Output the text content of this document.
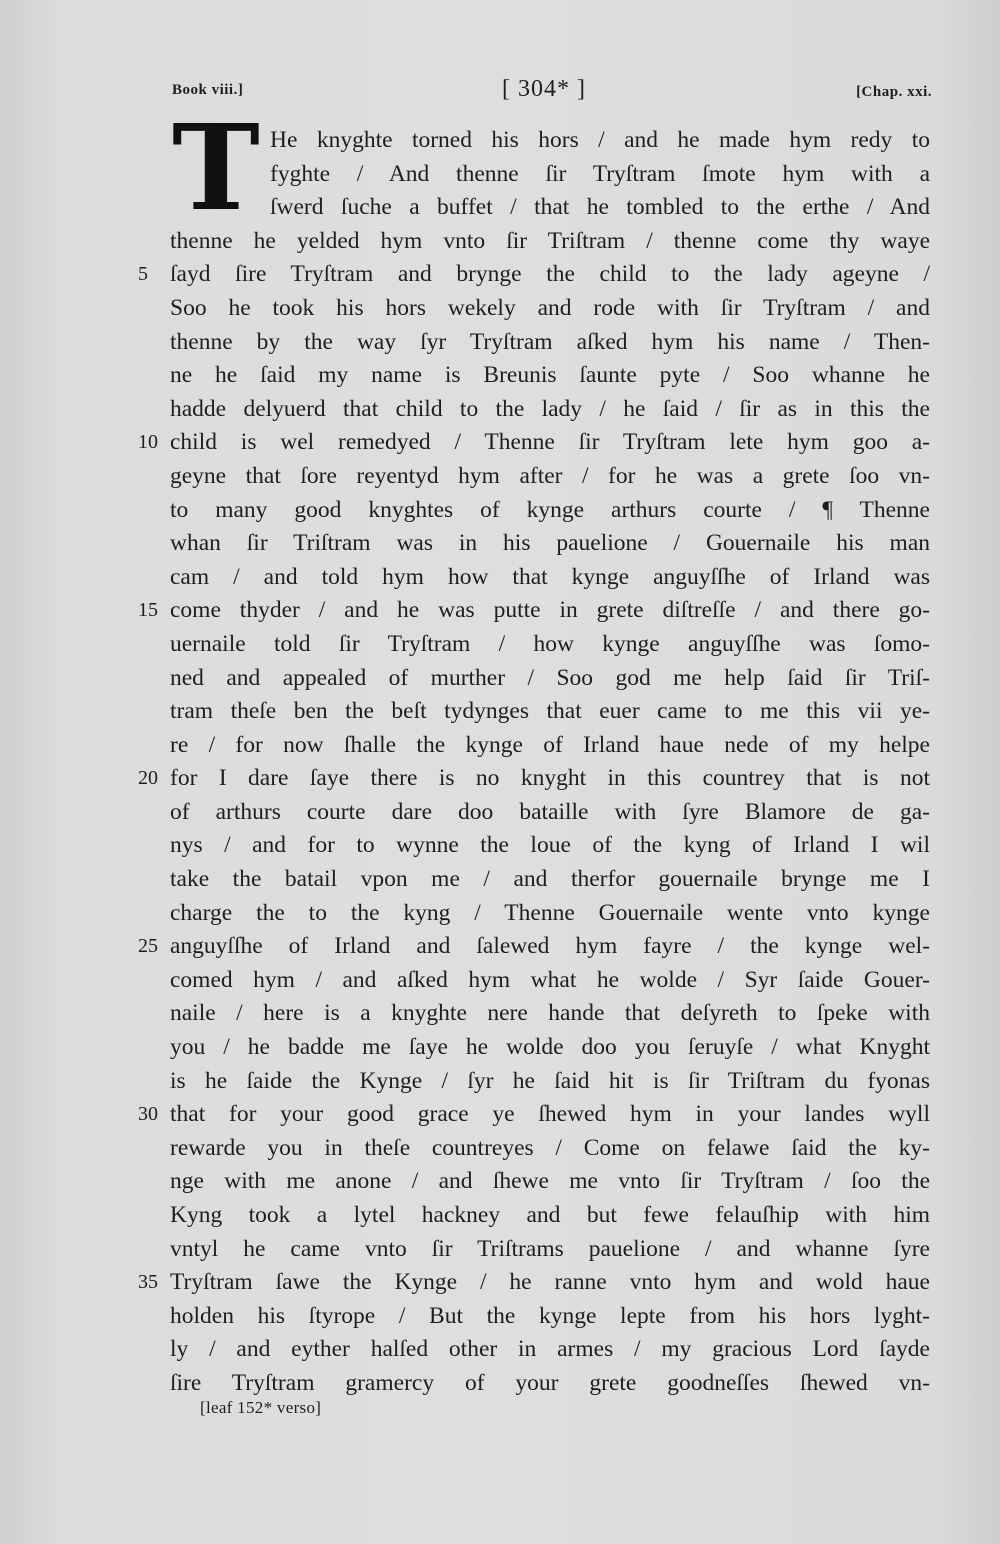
Book viii.]	[ 304* ]	[Chap. xxi.
T He knyghte torned his hors / and he made hym redy to
fyghte / And thenne ſir Tryſtram ſmote hym with a
ſwerd ſuche a buffet / that he tombled to the erthe / And
thenne he yelded hym vnto ſir Triſtram / thenne come thy waye
ſayd ſire Tryſtram and brynge the child to the lady ageyne /
5
Soo he took his hors wekely and rode with ſir Tryſtram / and
thenne by the way ſyr Tryſtram aſked hym his name / Then-
ne he ſaid my name is Breunis ſaunte pyte / Soo whanne he
hadde delyuerd that child to the lady / he ſaid / ſir as in this the
child is wel remedyed / Thenne ſir Tryſtram lete hym goo a-
10
geyne that ſore reyentyd hym after / for he was a grete ſoo vn-
to many good knyghtes of kynge arthurs courte / ¶ Thenne
whan ſir Triſtram was in his pauelione / Gouernaile his man
cam / and told hym how that kynge anguyſſhe of Irland was
come thyder / and he was putte in grete diſtreſſe / and there go-
15
uernaile told ſir Tryſtram / how kynge anguyſſhe was ſomo-
ned and appealed of murther / Soo god me help ſaid ſir Triſ-
tram theſe ben the beſt tydynges that euer came to me this vii ye-
re / for now ſhalle the kynge of Irland haue nede of my helpe
for I dare ſaye there is no knyght in this countrey that is not
20
of arthurs courte dare doo bataille with ſyre Blamore de ga-
nys / and for to wynne the loue of the kyng of Irland I wil
take the batail vpon me / and therfor gouernaile brynge me I
charge the to the kyng / Thenne Gouernaile wente vnto kynge
anguyſſhe of Irland and ſalewed hym fayre / the kynge wel-
25
comed hym / and aſked hym what he wolde / Syr ſaide Gouer-
naile / here is a knyghte nere hande that deſyreth to ſpeke with
you / he badde me ſaye he wolde doo you ſeruyſe / what Knyght
is he ſaide the Kynge / ſyr he ſaid hit is ſir Triſtram du fyonas
that for your good grace ye ſhewed hym in your landes wyll
30
rewarde you in theſe countreyes / Come on felawe ſaid the ky-
nge with me anone / and ſhewe me vnto ſir Tryſtram / ſoo the
Kyng took a lytel hackney and but fewe felauſhip with him
vntyl he came vnto ſir Triſtrams pauelione / and whanne ſyre
Tryſtram ſawe the Kynge / he ranne vnto hym and wold haue
35
holden his ſtyrope / But the kynge lepte from his hors lyght-
ly / and eyther halſed other in armes / my gracious Lord ſayde
ſire Tryſtram gramercy of your grete goodneſſes ſhewed vn-
[leaf 152* verso]
